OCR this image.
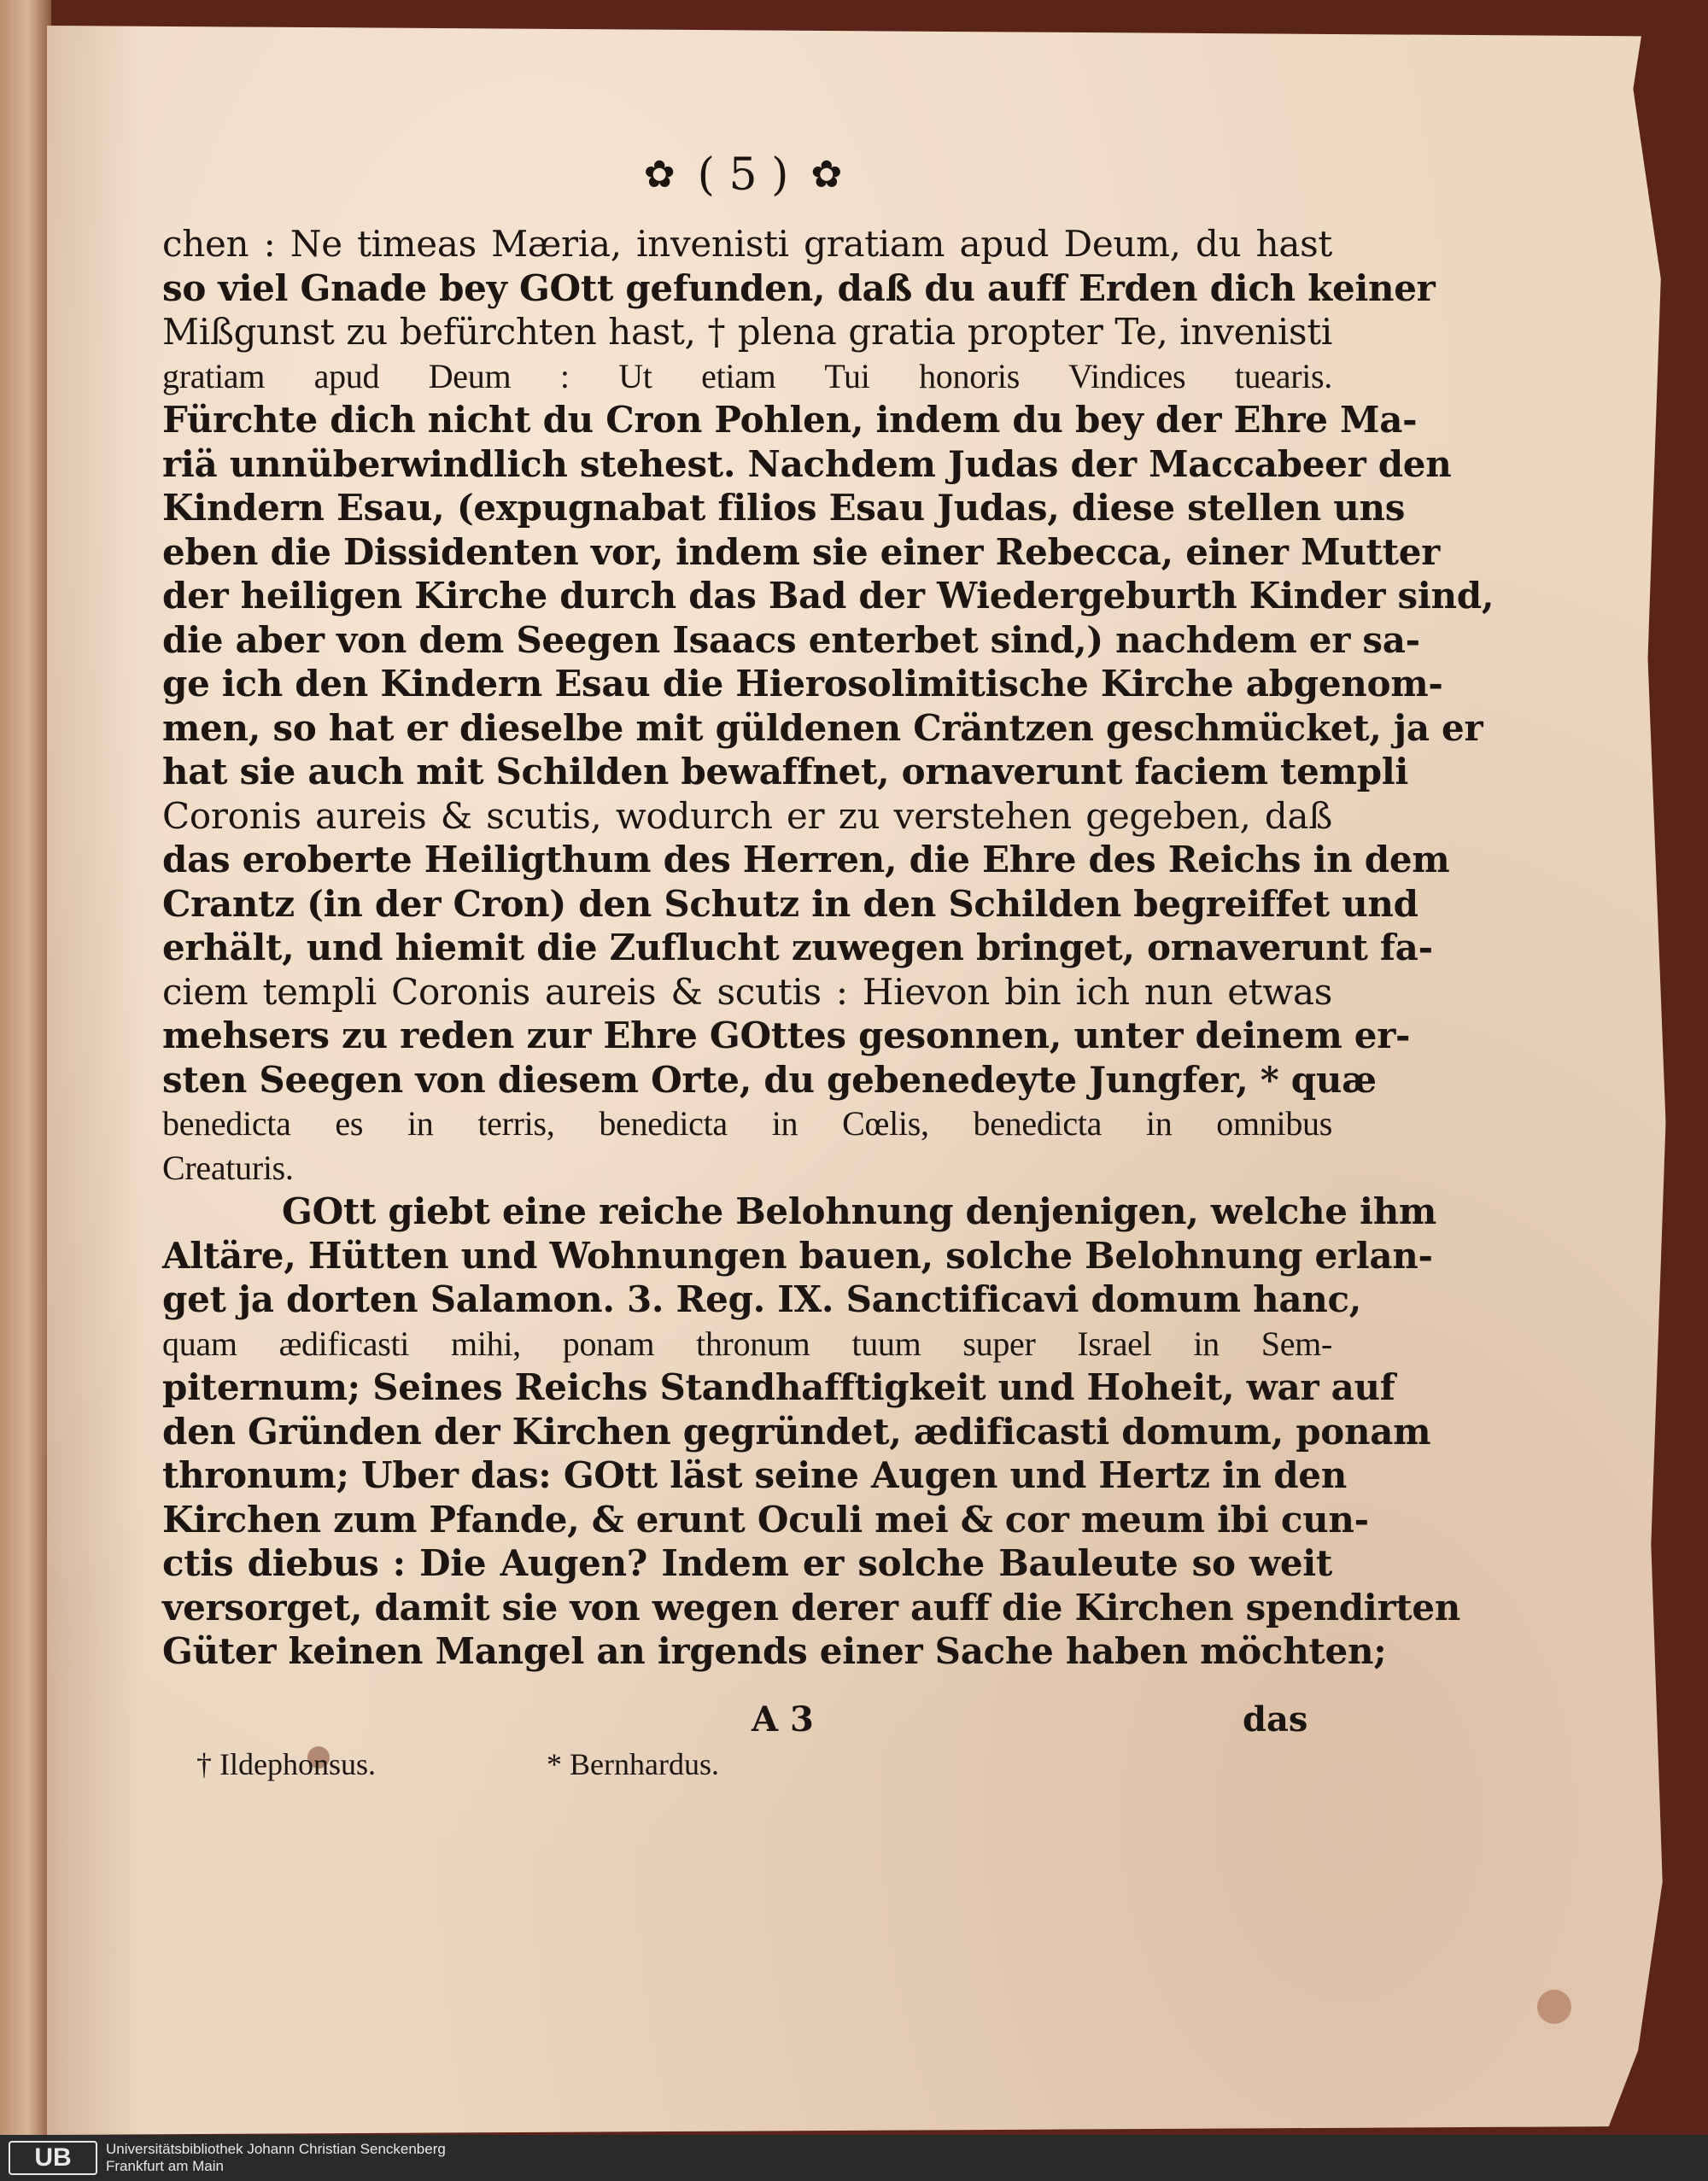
✿ ( 5 ) ✿
chen : Ne timeas Mæria, invenisti gratiam apud Deum, du hast
so viel Gnade bey GOtt gefunden, daß du auff Erden dich keiner
Mißgunst zu befürchten hast, † plena gratia propter Te, invenisti
gratiam apud Deum : Ut etiam Tui honoris Vindices tuearis.
Fürchte dich nicht du Cron Pohlen, indem du bey der Ehre Ma-
riä unnüberwindlich stehest. Nachdem Judas der Maccabeer den
Kindern Esau, (expugnabat filios Esau Judas, diese stellen uns
eben die Dissidenten vor, indem sie einer Rebecca, einer Mutter
der heiligen Kirche durch das Bad der Wiedergeburth Kinder sind,
die aber von dem Seegen Isaacs enterbet sind,) nachdem er sa-
ge ich den Kindern Esau die Hierosolimitische Kirche abgenom-
men, so hat er dieselbe mit güldenen Cräntzen geschmücket, ja er
hat sie auch mit Schilden bewaffnet, ornaverunt faciem templi
Coronis aureis & scutis, wodurch er zu verstehen gegeben, daß
das eroberte Heiligthum des Herren, die Ehre des Reichs in dem
Crantz (in der Cron) den Schutz in den Schilden begreiffet und
erhält, und hiemit die Zuflucht zuwegen bringet, ornaverunt fa-
ciem templi Coronis aureis & scutis : Hievon bin ich nun etwas
mehsers zu reden zur Ehre GOttes gesonnen, unter deinem er-
sten Seegen von diesem Orte, du gebenedeyte Jungfer, * quæ
benedicta es in terris, benedicta in Cœlis, benedicta in omnibus
Creaturis.
GOtt giebt eine reiche Belohnung denjenigen, welche ihm
Altäre, Hütten und Wohnungen bauen, solche Belohnung erlan-
get ja dorten Salamon. 3. Reg. IX. Sanctificavi domum hanc,
quam ædificasti mihi, ponam thronum tuum super Israel in Sem-
piternum; Seines Reichs Standhafftigkeit und Hoheit, war auf
den Gründen der Kirchen gegründet, ædificasti domum, ponam
thronum; Uber das: GOtt läst seine Augen und Hertz in den
Kirchen zum Pfande, & erunt Oculi mei & cor meum ibi cun-
ctis diebus : Die Augen? Indem er solche Bauleute so weit
versorget, damit sie von wegen derer auff die Kirchen spendirten
Güter keinen Mangel an irgends einer Sache haben möchten;
A 3	das
† Ildephonsus.	* Bernhardus.
UB	Universitätsbibliothek Johann Christian Senckenberg
Frankfurt am Main
